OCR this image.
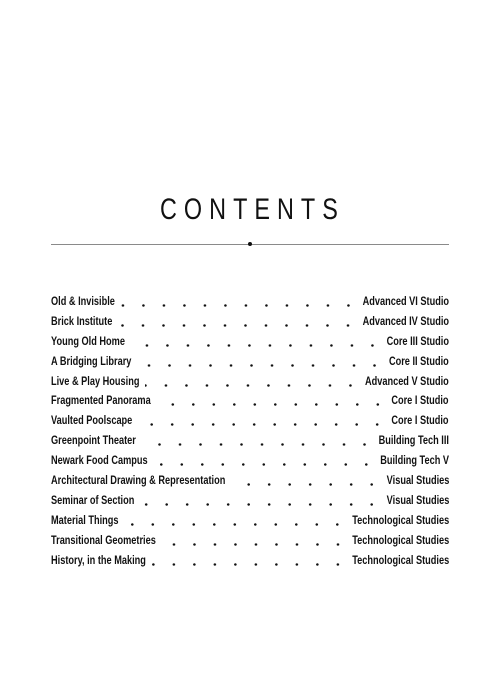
CONTENTS
Old & Invisible	Advanced VI Studio
Brick Institute	Advanced IV Studio
Young Old Home	Core III Studio
A Bridging Library	Core II Studio
Live & Play Housing	Advanced V Studio
Fragmented Panorama	Core I Studio
Vaulted Poolscape	Core I Studio
Greenpoint Theater	Building Tech III
Newark Food Campus	Building Tech V
Architectural Drawing & Representation	Visual Studies
Seminar of Section	Visual Studies
Material Things	Technological Studies
Transitional Geometries	Technological Studies
History, in the Making	Technological Studies
